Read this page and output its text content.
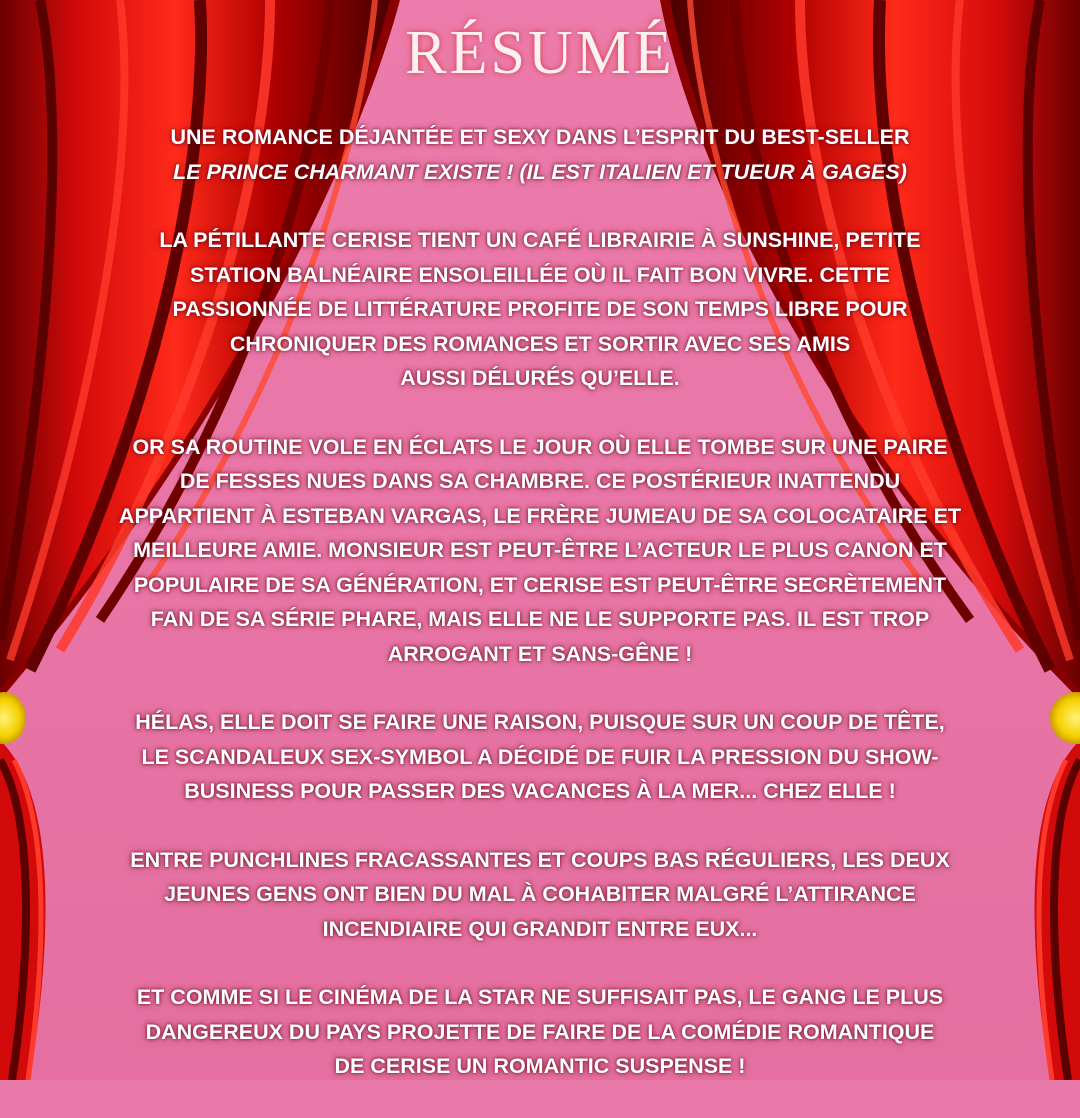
RÉSUMÉ
UNE ROMANCE DÉJANTÉE ET SEXY DANS L’ESPRIT DU BEST-SELLER
LE PRINCE CHARMANT EXISTE ! (IL EST ITALIEN ET TUEUR À GAGES)
LA PÉTILLANTE CERISE TIENT UN CAFÉ LIBRAIRIE À SUNSHINE, PETITE
STATION BALNÉAIRE ENSOLEILLÉE OÙ IL FAIT BON VIVRE. CETTE
PASSIONNÉE DE LITTÉRATURE PROFITE DE SON TEMPS LIBRE POUR
CHRONIQUER DES ROMANCES ET SORTIR AVEC SES AMIS
AUSSI DÉLURÉS QU’ELLE.
OR SA ROUTINE VOLE EN ÉCLATS LE JOUR OÙ ELLE TOMBE SUR UNE PAIRE
DE FESSES NUES DANS SA CHAMBRE. CE POSTÉRIEUR INATTENDU
APPARTIENT À ESTEBAN VARGAS, LE FRÈRE JUMEAU DE SA COLOCATAIRE ET
MEILLEURE AMIE. MONSIEUR EST PEUT-ÊTRE L’ACTEUR LE PLUS CANON ET
POPULAIRE DE SA GÉNÉRATION, ET CERISE EST PEUT-ÊTRE SECRÈTEMENT
FAN DE SA SÉRIE PHARE, MAIS ELLE NE LE SUPPORTE PAS. IL EST TROP
ARROGANT ET SANS-GÊNE !
HÉLAS, ELLE DOIT SE FAIRE UNE RAISON, PUISQUE SUR UN COUP DE TÊTE,
LE SCANDALEUX SEX-SYMBOL A DÉCIDÉ DE FUIR LA PRESSION DU SHOW-
BUSINESS POUR PASSER DES VACANCES À LA MER... CHEZ ELLE !
ENTRE PUNCHLINES FRACASSANTES ET COUPS BAS RÉGULIERS, LES DEUX
JEUNES GENS ONT BIEN DU MAL À COHABITER MALGRÉ L’ATTIRANCE
INCENDIAIRE QUI GRANDIT ENTRE EUX...
ET COMME SI LE CINÉMA DE LA STAR NE SUFFISAIT PAS, LE GANG LE PLUS
DANGEREUX DU PAYS PROJETTE DE FAIRE DE LA COMÉDIE ROMANTIQUE
DE CERISE UN ROMANTIC SUSPENSE !
